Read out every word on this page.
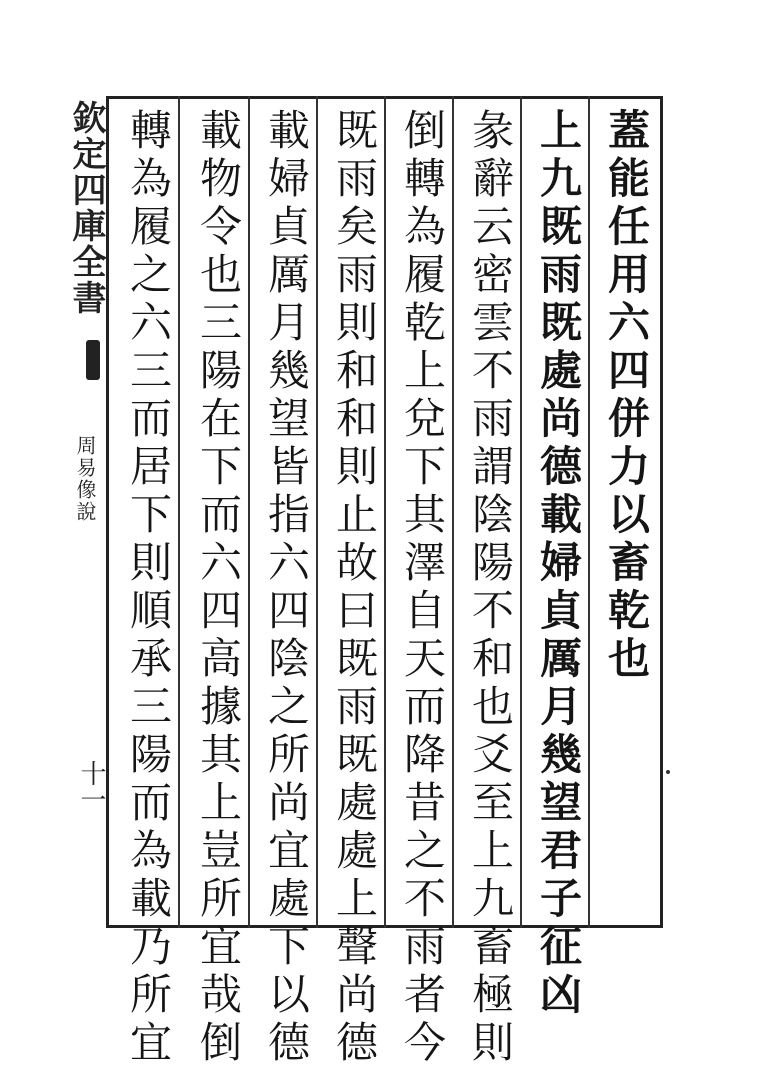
欽定四庫全書
周易像說
十一
蓋能任用六四併力以畜乾也
上九既雨既處尚德載婦貞厲月幾望君子征凶
彖辭云密雲不雨謂陰陽不和也爻至上九畜極則
倒轉為履乾上兌下其澤自天而降昔之不雨者今
既雨矣雨則和和則止故曰既雨既處處上聲尚德
載婦貞厲月幾望皆指六四陰之所尚宜處下以德
載物令也三陽在下而六四高據其上豈所宜哉倒
轉為履之六三而居下則順承三陽而為載乃所宜
